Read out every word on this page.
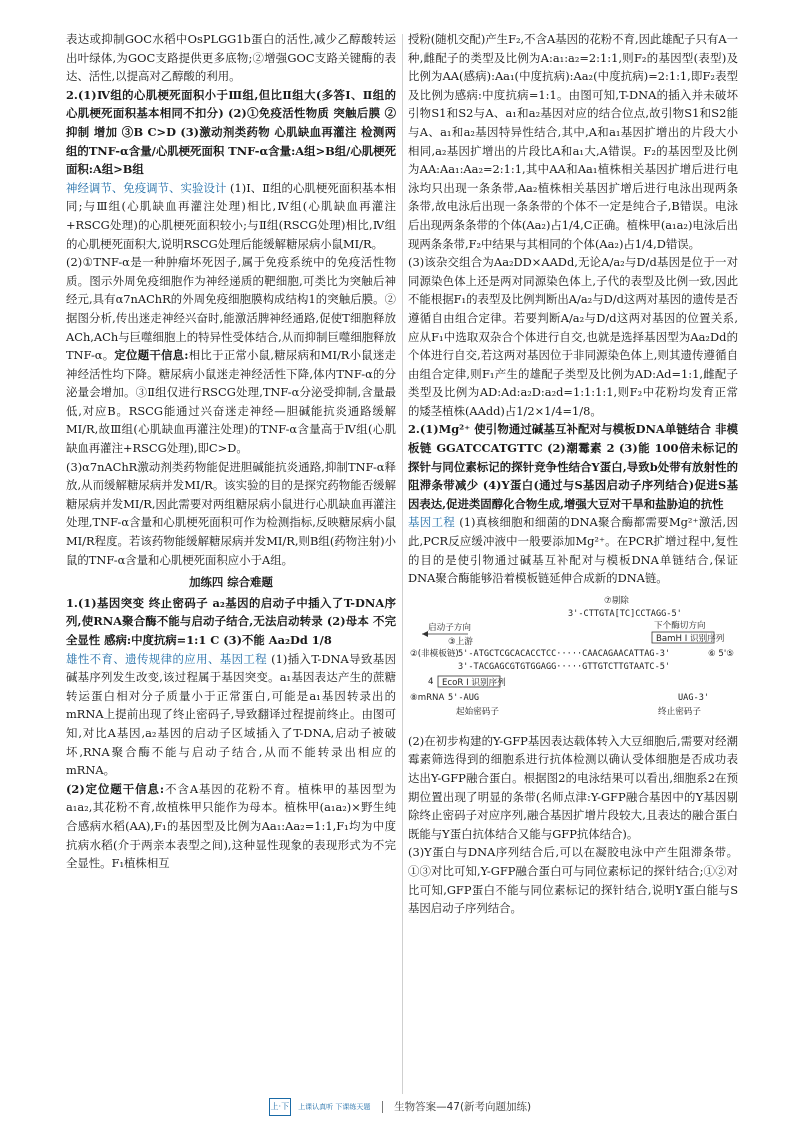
表达或抑制GOC水稻中OsPLGG1b蛋白的活性,减少乙醇酸转运出叶绿体,为GOC支路提供更多底物;②增强GOC支路关键酶的表达、活性,以提高对乙醇酸的利用。

2.(1)Ⅳ组的心肌梗死面积小于Ⅲ组,但比Ⅱ组大(多答Ⅰ、Ⅱ组的心肌梗死面积基本相同不扣分) (2)①免疫活性物质 突触后膜 ②抑制 增加 ③B C>D (3)激动剂类药物 心肌缺血再灌注 检测两组的TNF-α含量/心肌梗死面积 TNF-α含量:A组>B组/心肌梗死面积:A组>B组

神经调节、免疫调节、实验设计 (1)Ⅰ、Ⅱ组的心肌梗死面积基本相同;与Ⅲ组(心肌缺血再灌注处理)相比,Ⅳ组(心肌缺血再灌注+RSCG处理)的心肌梗死面积较小;与Ⅱ组(RSCG处理)相比,Ⅳ组的心肌梗死面积大,说明RSCG处理后能缓解糖尿病小鼠MI/R。

(2)①TNF-α是一种肿瘤坏死因子,属于免疫系统中的免疫活性物质。图示外周免疫细胞作为神经递质的靶细胞,可类比为突触后神经元,具有α7nAChR的外周免疫细胞膜构成结构1的突触后膜。②据图分析,传出迷走神经兴奋时,能激活脾神经通路,促使T细胞释放ACh,ACh与巨噬细胞上的特异性受体结合,从而抑制巨噬细胞释放TNF-α。定位题干信息:相比于正常小鼠,糖尿病和MI/R小鼠迷走神经活性均下降。糖尿病小鼠迷走神经活性下降,体内TNF-α的分泌量会增加。③Ⅱ组仅进行RSCG处理,TNF-α分泌受抑制,含量最低,对应B。RSCG能通过兴奋迷走神经—胆碱能抗炎通路缓解MI/R,故Ⅲ组(心肌缺血再灌注处理)的TNF-α含量高于Ⅳ组(心肌缺血再灌注+RSCG处理),即C>D。

(3)α7nAChR激动剂类药物能促进胆碱能抗炎通路,抑制TNF-α释放,从而缓解糖尿病并发MI/R。该实验的目的是探究药物能否缓解糖尿病并发MI/R,因此需要对两组糖尿病小鼠进行心肌缺血再灌注处理,TNF-α含量和心肌梗死面积可作为检测指标,反映糖尿病小鼠MI/R程度。若该药物能缓解糖尿病并发MI/R,则B组(药物注射)小鼠的TNF-α含量和心肌梗死面积应小于A组。

加练四 综合难题

1.(1)基因突变 终止密码子 a₂基因的启动子中插入了T-DNA序列,使RNA聚合酶不能与启动子结合,无法启动转录 (2)母本 不完全显性 感病:中度抗病=1:1 C (3)不能 Aa₂Dd 1/8

雄性不育、遗传规律的应用、基因工程 (1)插入T-DNA导致基因碱基序列发生改变,该过程属于基因突变。a₁基因表达产生的蔗糖转运蛋白相对分子质量小于正常蛋白,可能是a₁基因转录出的mRNA上提前出现了终止密码子,导致翻译过程提前终止。由图可知,对比A基因,a₂基因的启动子区域插入了T-DNA,启动子被破坏,RNA聚合酶不能与启动子结合,从而不能转录出相应的mRNA。

(2)定位题干信息:不含A基因的花粉不育。植株甲的基因型为a₁a₂,其花粉不育,故植株甲只能作为母本。植株甲(a₁a₂)×野生纯合感病水稻(AA),F₁的基因型及比例为Aa₁:Aa₂=1:1,F₁均为中度抗病水稻(介于两亲本表型之间),这种显性现象的表现形式为不完全显性。F₁植株相互

授粉(随机交配)产生F₂,不含A基因的花粉不育,因此雄配子只有A一种,雌配子的类型及比例为A:a₁:a₂=2:1:1,则F₂的基因型(表型)及比例为AA(感病):Aa₁(中度抗病):Aa₂(中度抗病)=2:1:1,即F₂表型及比例为感病:中度抗病=1:1。由图可知,T-DNA的插入并未破坏引物S1和S2与A、a₁和a₂基因对应的结合位点,故引物S1和S2能与A、a₁和a₂基因特异性结合,其中,A和a₁基因扩增出的片段大小相同,a₂基因扩增出的片段比A和a₁大,A错误。F₂的基因型及比例为AA:Aa₁:Aa₂=2:1:1,其中AA和Aa₁植株相关基因扩增后进行电泳均只出现一条条带,Aa₂植株相关基因扩增后进行电泳出现两条条带,故电泳后出现一条条带的个体不一定是纯合子,B错误。电泳后出现两条条带的个体(Aa₂)占1/4,C正确。植株甲(a₁a₂)电泳后出现两条条带,F₂中结果与其相同的个体(Aa₂)占1/4,D错误。

(3)该杂交组合为Aa₂DD×AADd,无论A/a₂与D/d基因是位于一对同源染色体上还是两对同源染色体上,子代的表型及比例一致,因此不能根据F₁的表型及比例判断出A/a₂与D/d这两对基因的遗传是否遵循自由组合定律。若要判断A/a₂与D/d这两对基因的位置关系,应从F₁中选取双杂合个体进行自交,也就是选择基因型为Aa₂Dd的个体进行自交,若这两对基因位于非同源染色体上,则其遗传遵循自由组合定律,则F₁产生的雄配子类型及比例为AD:Ad=1:1,雌配子类型及比例为AD:Ad:a₂D:a₂d=1:1:1:1,则F₂中花粉均发育正常的矮茎植株(AAdd)占1/2×1/4=1/8。

2.(1)Mg²⁺ 使引物通过碱基互补配对与模板DNA单链结合 非模板链 GGATCCATGTTC (2)潮霉素 2 (3)能 100倍未标记的探针与同位素标记的探针竞争性结合Y蛋白,导致b处带有放射性的阻滞条带减少 (4)Y蛋白(通过与S基因启动子序列结合)促进S基因表达,促进类固醇化合物生成,增强大豆对干旱和盐胁迫的抗性

基因工程 (1)真核细胞和细菌的DNA聚合酶都需要Mg²⁺激活,因此,PCR反应缓冲液中一般要添加Mg²⁺。在PCR扩增过程中,复性的目的是使引物通过碱基互补配对与模板DNA单链结合,保证DNA聚合酶能够沿着模板链延伸合成新的DNA链。

⑦剔除
3'-CTTGTA[TC]CCTAGG-5'
下个酶切方向
BamH I 识别序列
启动子方向
③上游
②(非模板链) 5'-ATGCTCGCACACCTCC·····CAACAGAACATTAG-3'
3'-TACGAGCGTGTGGAGG·····GTTGTCTTGTAATC-5'
⑥ 5'⑤
4 EcoR I 识别序列
⑧mRNA 5'-AUG	UAG-3'
起始密码子	终止密码子

(2)在初步构建的Y-GFP基因表达载体转入大豆细胞后,需要对经潮霉素筛选得到的细胞系进行抗体检测以确认受体细胞是否成功表达出Y-GFP融合蛋白。根据图2的电泳结果可以看出,细胞系2在预期位置出现了明显的条带(名师点津:Y-GFP融合基因中的Y基因剔除终止密码子对应序列,融合基因扩增片段较大,且表达的融合蛋白既能与Y蛋白抗体结合又能与GFP抗体结合)。

(3)Y蛋白与DNA序列结合后,可以在凝胶电泳中产生阻滞条带。①③对比可知,Y-GFP融合蛋白可与同位素标记的探针结合;①②对比可知,GFP蛋白不能与同位素标记的探针结合,说明Y蛋白能与S基因启动子序列结合。

上·下 上课认真听 下课练天题 生物答案—47(新考向题加练)
